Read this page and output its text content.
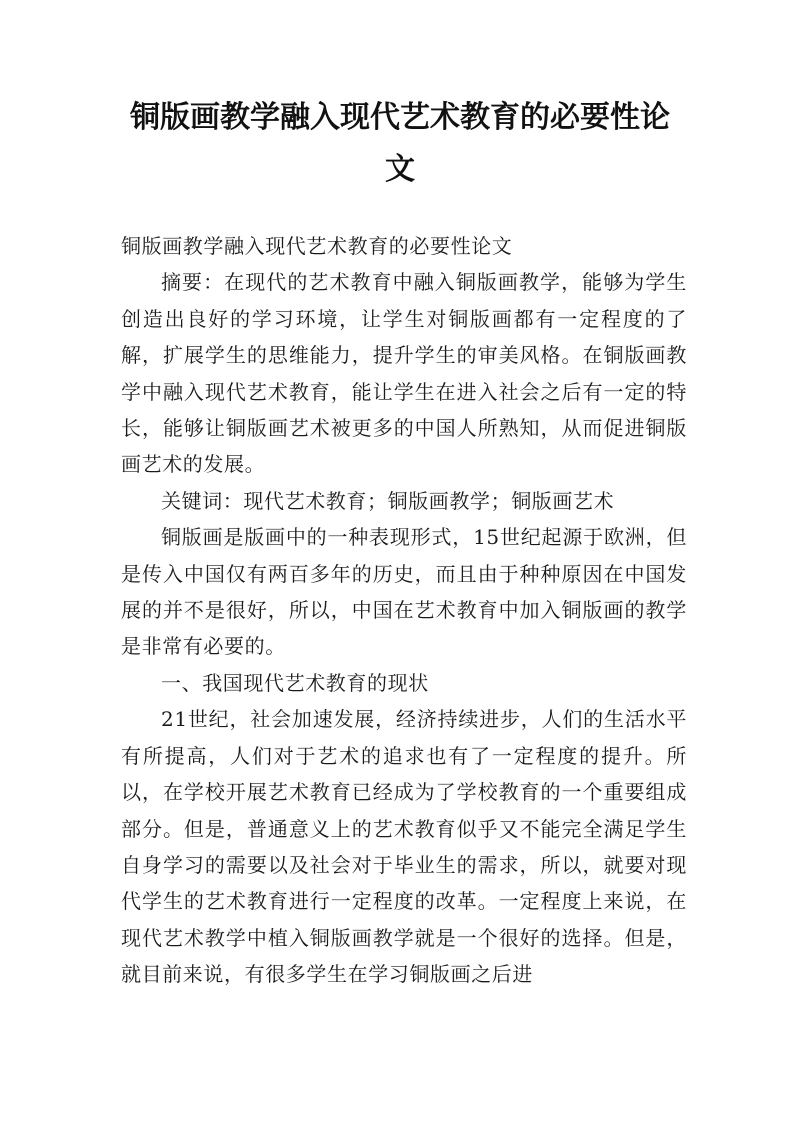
铜版画教学融入现代艺术教育的必要性论
文

铜版画教学融入现代艺术教育的必要性论文

摘要：在现代的艺术教育中融入铜版画教学，能够为学生创造出良好的学习环境，让学生对铜版画都有一定程度的了解，扩展学生的思维能力，提升学生的审美风格。在铜版画教学中融入现代艺术教育，能让学生在进入社会之后有一定的特长，能够让铜版画艺术被更多的中国人所熟知，从而促进铜版画艺术的发展。

关键词：现代艺术教育；铜版画教学；铜版画艺术

铜版画是版画中的一种表现形式，15世纪起源于欧洲，但是传入中国仅有两百多年的历史，而且由于种种原因在中国发展的并不是很好，所以，中国在艺术教育中加入铜版画的教学是非常有必要的。

一、我国现代艺术教育的现状

21世纪，社会加速发展，经济持续进步，人们的生活水平有所提高，人们对于艺术的追求也有了一定程度的提升。所以，在学校开展艺术教育已经成为了学校教育的一个重要组成部分。但是，普通意义上的艺术教育似乎又不能完全满足学生自身学习的需要以及社会对于毕业生的需求，所以，就要对现代学生的艺术教育进行一定程度的改革。一定程度上来说，在现代艺术教学中植入铜版画教学就是一个很好的选择。但是，就目前来说，有很多学生在学习铜版画之后进
